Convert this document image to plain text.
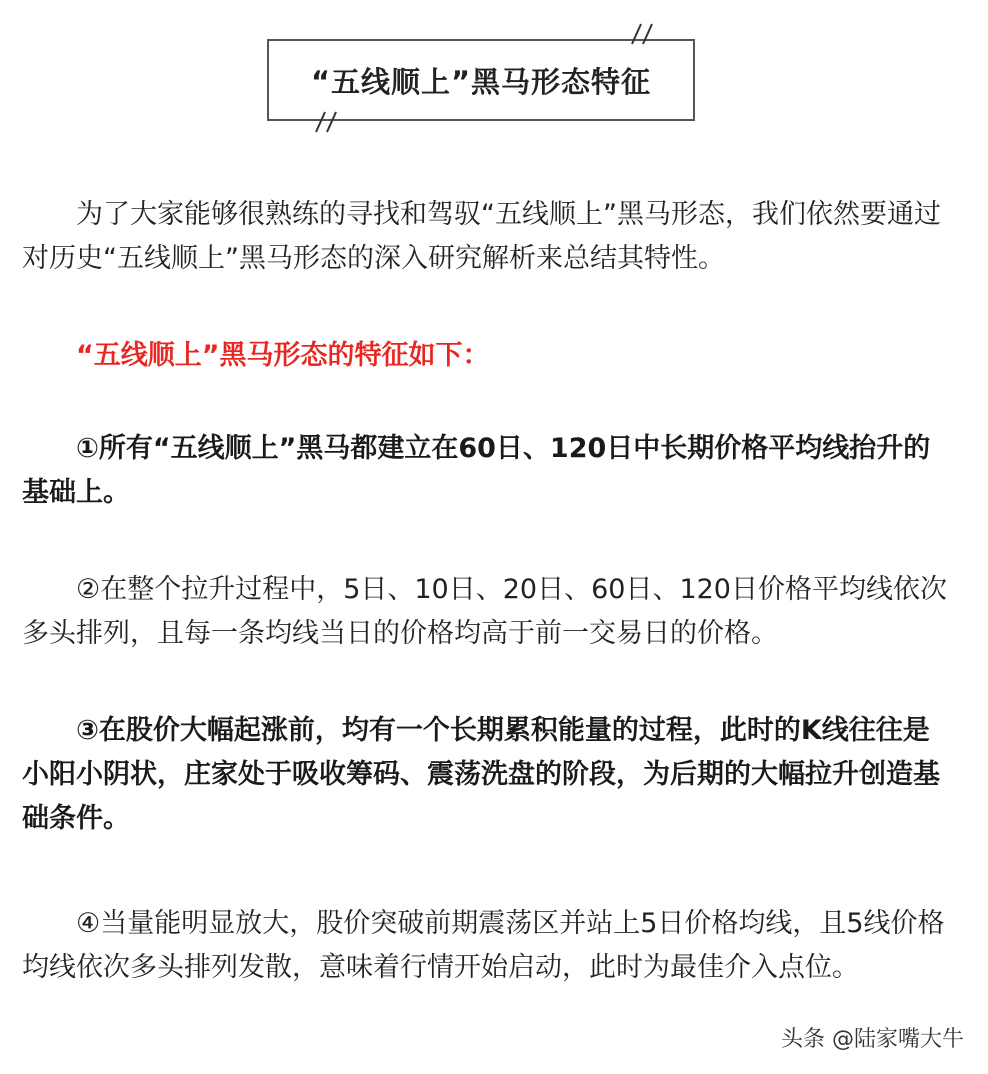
“五线顺上”黑马形态特征

为了大家能够很熟练的寻找和驾驭“五线顺上”黑马形态，我们依然要通过对历史“五线顺上”黑马形态的深入研究解析来总结其特性。

“五线顺上”黑马形态的特征如下：

①所有“五线顺上”黑马都建立在60日、120日中长期价格平均线抬升的基础上。

②在整个拉升过程中，5日、10日、20日、60日、120日价格平均线依次多头排列，且每一条均线当日的价格均高于前一交易日的价格。

③在股价大幅起涨前，均有一个长期累积能量的过程，此时的K线往往是小阳小阴状，庄家处于吸收筹码、震荡洗盘的阶段，为后期的大幅拉升创造基础条件。

④当量能明显放大，股价突破前期震荡区并站上5日价格均线，且5线价格均线依次多头排列发散，意味着行情开始启动，此时为最佳介入点位。

头条 @陆家嘴大牛
